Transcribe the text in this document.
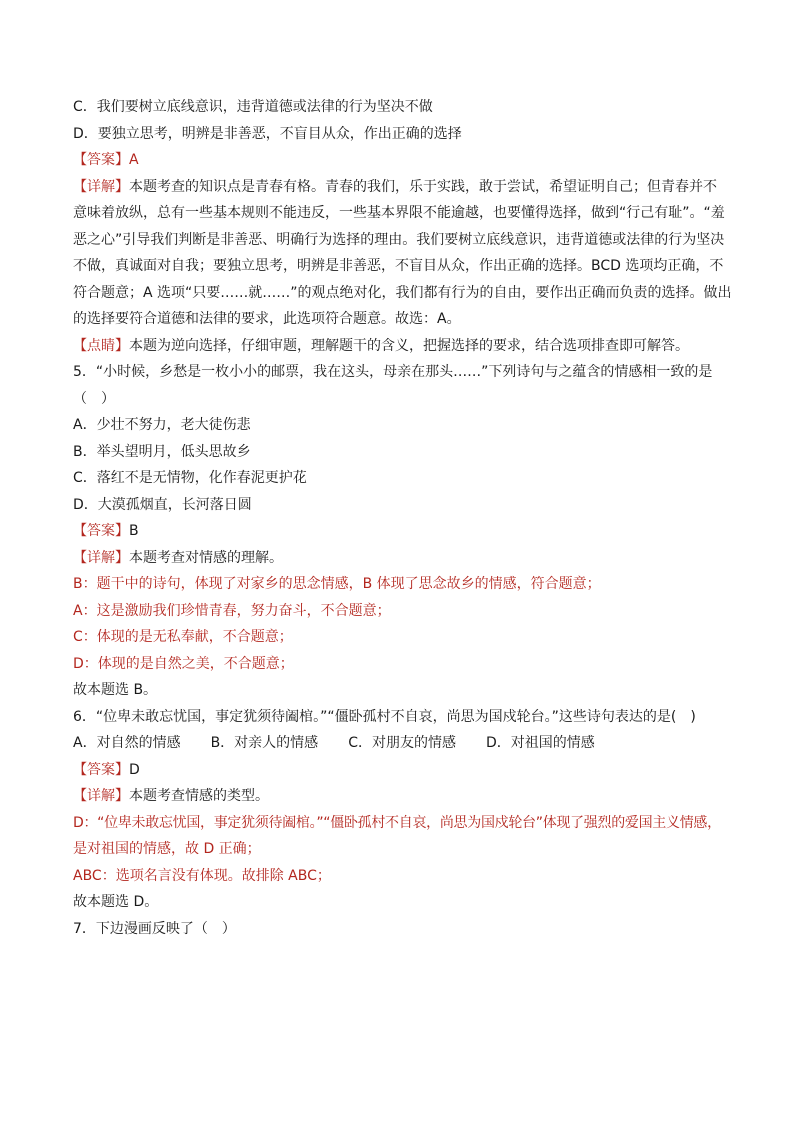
C．我们要树立底线意识，违背道德或法律的行为坚决不做
D．要独立思考，明辨是非善恶，不盲目从众，作出正确的选择
【答案】A
【详解】本题考查的知识点是青春有格。青春的我们，乐于实践，敢于尝试，希望证明自己；但青春并不
意味着放纵，总有一些基本规则不能违反，一些基本界限不能逾越，也要懂得选择，做到“行己有耻”。“羞
恶之心”引导我们判断是非善恶、明确行为选择的理由。我们要树立底线意识，违背道德或法律的行为坚决
不做，真诚面对自我；要独立思考，明辨是非善恶，不盲目从众，作出正确的选择。BCD 选项均正确，不
符合题意；A 选项“只要……就……”的观点绝对化，我们都有行为的自由，要作出正确而负责的选择。做出
的选择要符合道德和法律的要求，此选项符合题意。故选：A。
【点睛】本题为逆向选择，仔细审题，理解题干的含义，把握选择的要求，结合选项排查即可解答。
5．“小时候，乡愁是一枚小小的邮票，我在这头，母亲在那头……”下列诗句与之蕴含的情感相一致的是
（　）
A．少壮不努力，老大徒伤悲
B．举头望明月，低头思故乡
C．落红不是无情物，化作春泥更护花
D．大漠孤烟直，长河落日圆
【答案】B
【详解】本题考查对情感的理解。
B：题干中的诗句，体现了对家乡的思念情感，B 体现了思念故乡的情感，符合题意；
A：这是激励我们珍惜青春，努力奋斗，不合题意；
C：体现的是无私奉献，不合题意；
D：体现的是自然之美，不合题意；
故本题选 B。
6．“位卑未敢忘忧国，事定犹须待阖棺。”“僵卧孤村不自哀，尚思为国戍轮台。”这些诗句表达的是(　)
A．对自然的情感 B．对亲人的情感 C．对朋友的情感 D．对祖国的情感
【答案】D
【详解】本题考查情感的类型。
D：“位卑未敢忘忧国，事定犹须待阖棺。”“僵卧孤村不自哀，尚思为国戍轮台”体现了强烈的爱国主义情感，
是对祖国的情感，故 D 正确；
ABC：选项名言没有体现。故排除 ABC；
故本题选 D。
7．下边漫画反映了（　）
